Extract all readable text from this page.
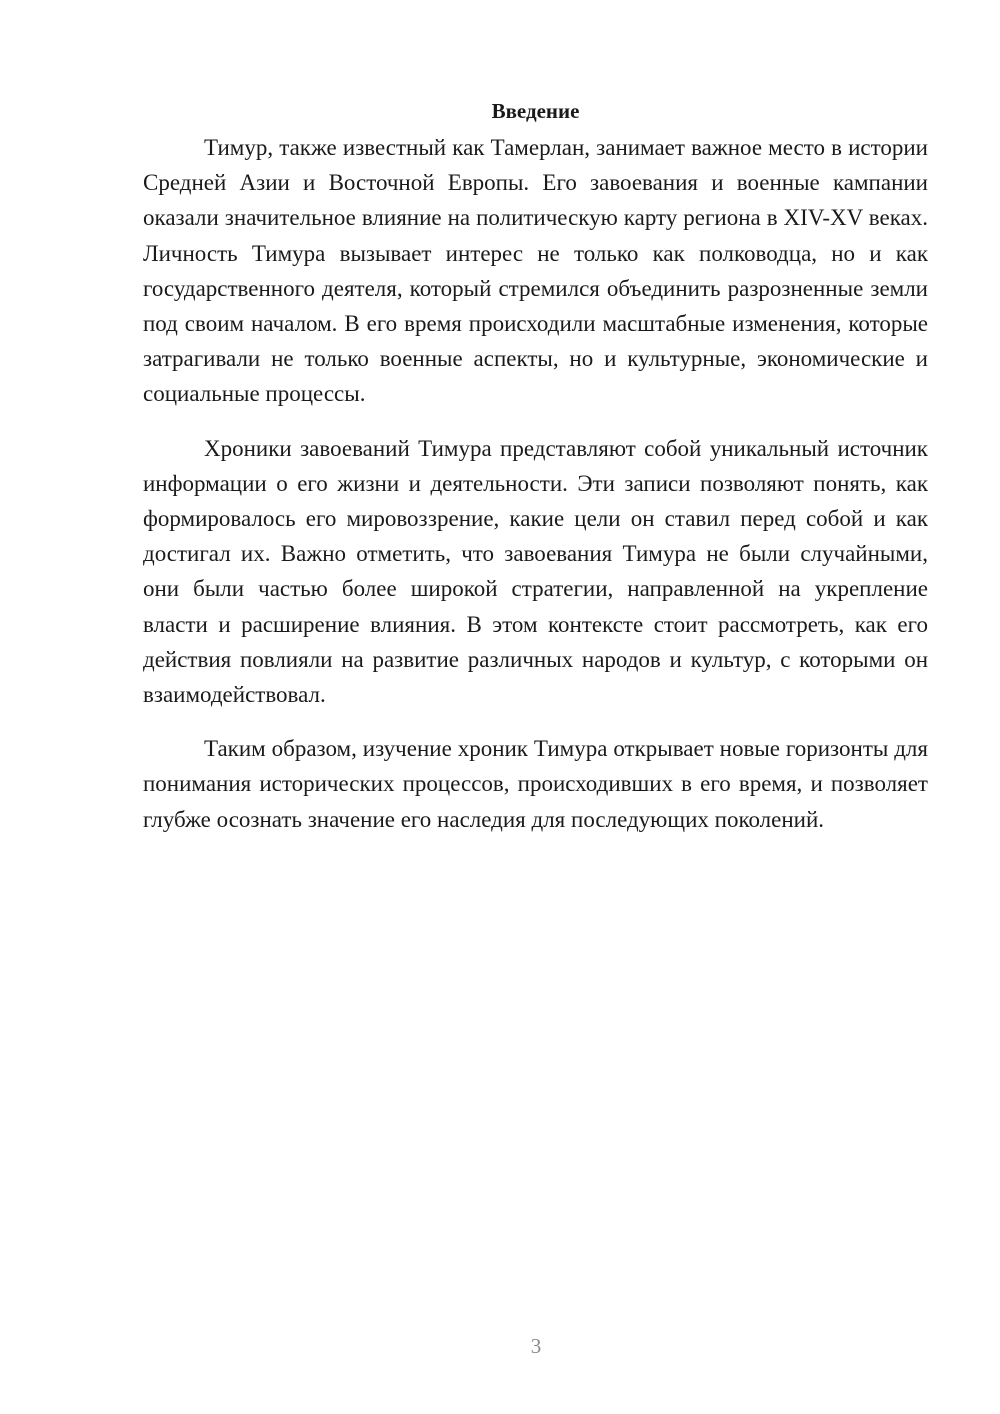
Введение

Тимур, также известный как Тамерлан, занимает важное место в истории Средней Азии и Восточной Европы. Его завоевания и военные кампании оказали значительное влияние на политическую карту региона в XIV-XV веках. Личность Тимура вызывает интерес не только как полководца, но и как государственного деятеля, который стремился объединить разрозненные земли под своим началом. В его время происходили масштабные изменения, которые затрагивали не только военные аспекты, но и культурные, экономические и социальные процессы.

Хроники завоеваний Тимура представляют собой уникальный источник информации о его жизни и деятельности. Эти записи позволяют понять, как формировалось его мировоззрение, какие цели он ставил перед собой и как достигал их. Важно отметить, что завоевания Тимура не были случайными, они были частью более широкой стратегии, направленной на укрепление власти и расширение влияния. В этом контексте стоит рассмотреть, как его действия повлияли на развитие различных народов и культур, с которыми он взаимодействовал.

Таким образом, изучение хроник Тимура открывает новые горизонты для понимания исторических процессов, происходивших в его время, и позволяет глубже осознать значение его наследия для последующих поколений.

3
